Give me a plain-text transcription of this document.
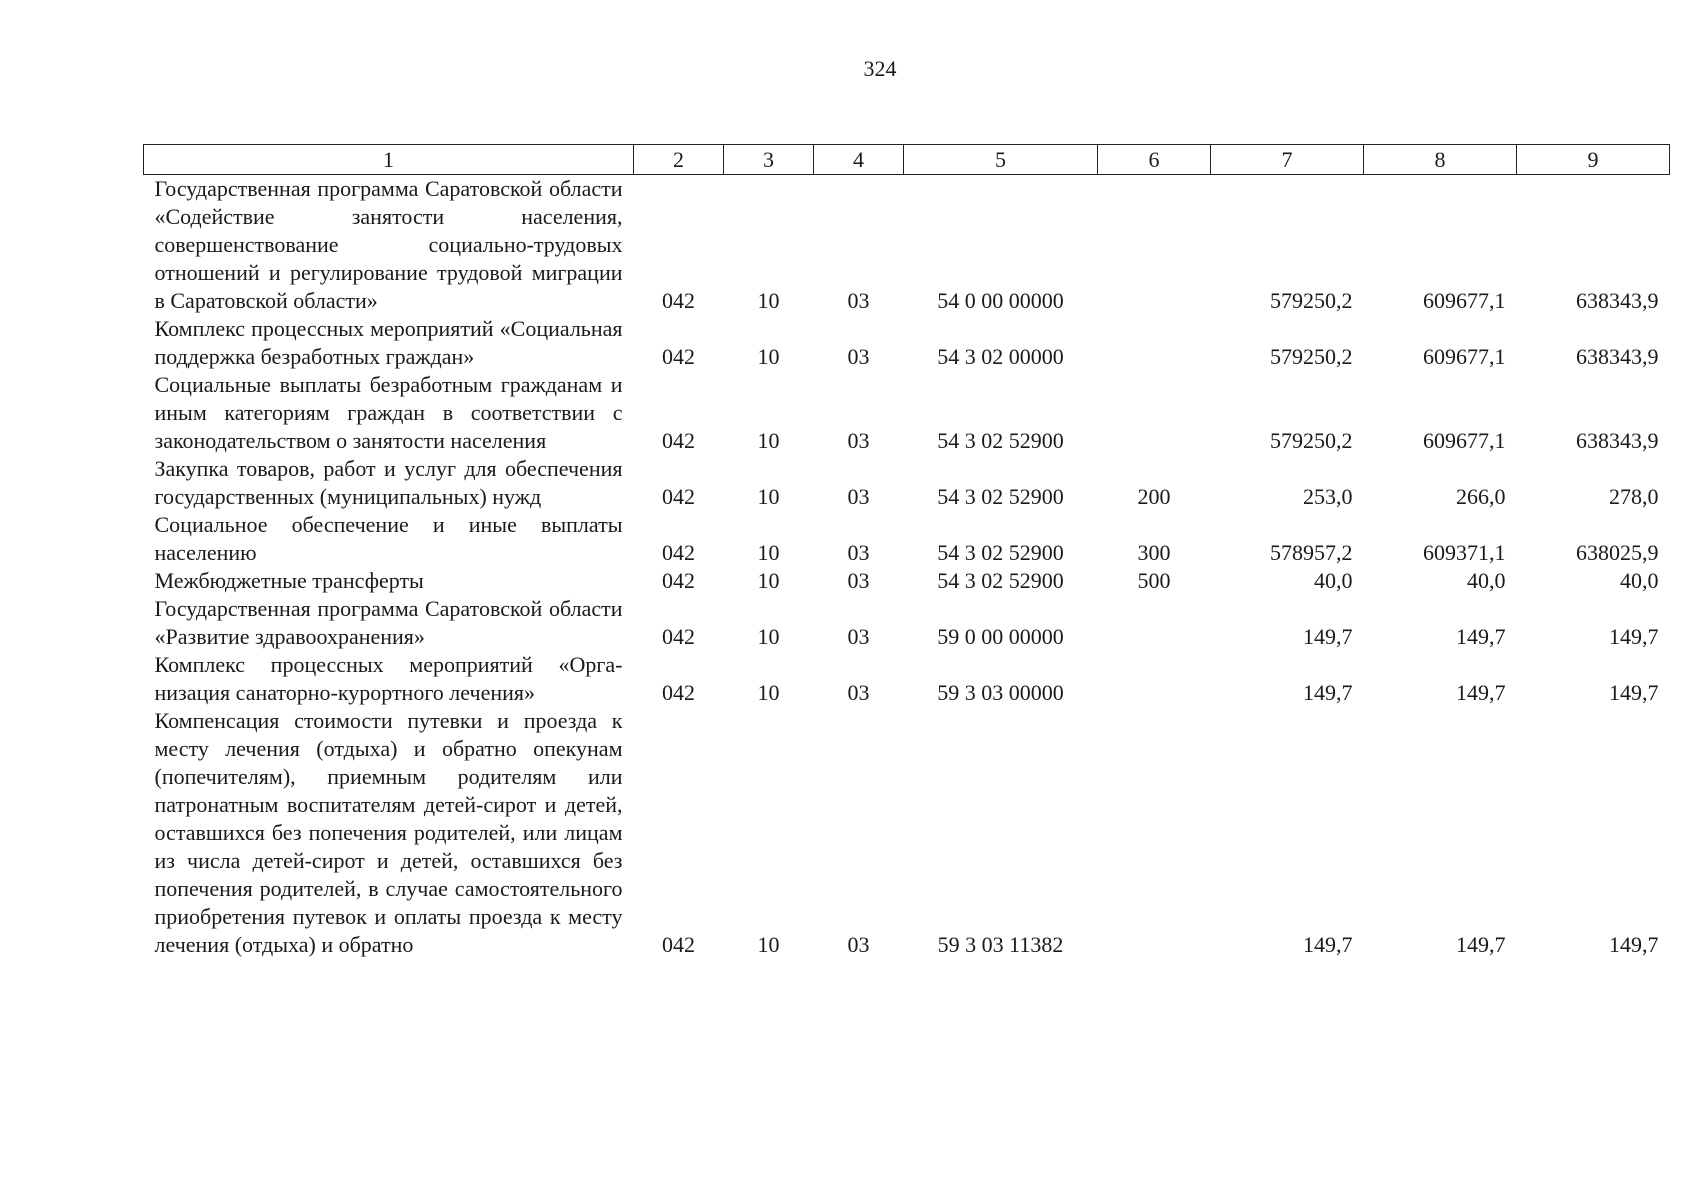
324
1	2	3	4	5	6	7	8	9
Государственная программа Саратовской области «Содействие занятости населения, совершенствование социально-трудовых отношений и регулирование трудовой миграции в Саратовской области»	042	10	03	54 0 00 00000		579250,2	609677,1	638343,9
Комплекс процессных мероприятий «Социальная поддержка безработных граждан»	042	10	03	54 3 02 00000		579250,2	609677,1	638343,9
Социальные выплаты безработным гражданам и иным категориям граждан в соответствии с законодательством о занятости населения	042	10	03	54 3 02 52900		579250,2	609677,1	638343,9
Закупка товаров, работ и услуг для обеспечения государственных (муниципальных) нужд	042	10	03	54 3 02 52900	200	253,0	266,0	278,0
Социальное обеспечение и иные выплаты населению	042	10	03	54 3 02 52900	300	578957,2	609371,1	638025,9
Межбюджетные трансферты	042	10	03	54 3 02 52900	500	40,0	40,0	40,0
Государственная программа Саратовской области «Развитие здравоохранения»	042	10	03	59 0 00 00000		149,7	149,7	149,7
Комплекс процессных мероприятий «Организация санаторно-курортного лечения»	042	10	03	59 3 03 00000		149,7	149,7	149,7
Компенсация стоимости путевки и проезда к месту лечения (отдыха) и обратно опекунам (попечителям), приемным родителям или патронатным воспитателям детей-сирот и детей, оставшихся без попечения родителей, или лицам из числа детей-сирот и детей, оставшихся без попечения родителей, в случае самостоятельного приобретения путевок и оплаты проезда к месту лечения (отдыха) и обратно	042	10	03	59 3 03 11382		149,7	149,7	149,7
